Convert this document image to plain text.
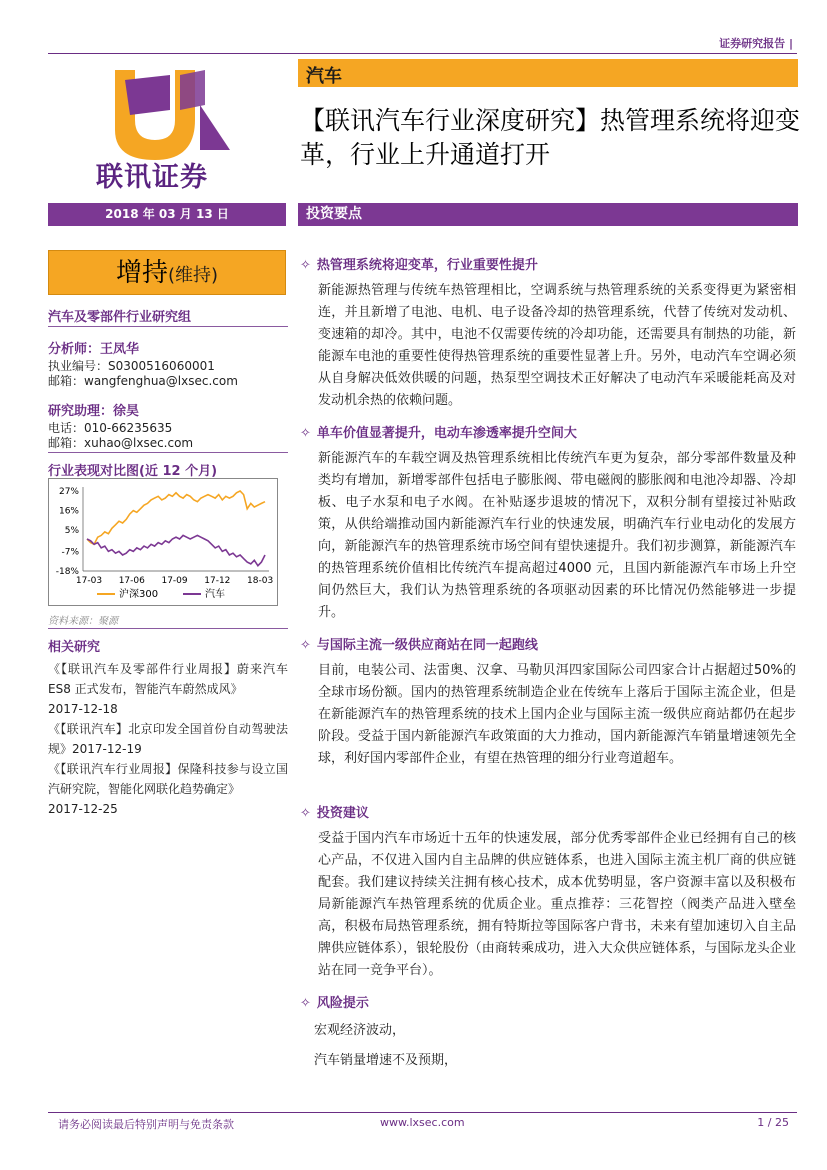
证券研究报告 |
联讯证券
汽车
【联讯汽车行业深度研究】热管理系统将迎变革，行业上升通道打开
2018 年 03 月 13 日	投资要点
增持(维持)
汽车及零部件行业研究组
分析师：王凤华
执业编号：S0300516060001
邮箱：wangfenghua@lxsec.com
研究助理：徐昊
电话：010-66235635
邮箱：xuhao@lxsec.com
行业表现对比图(近 12 个月)
27%
16%
5%
-7%
-18%
17-03 17-06 17-09 17-12 18-03
沪深300	汽车
资料来源：聚源
相关研究
《【联讯汽车及零部件行业周报】蔚来汽车ES8 正式发布，智能汽车蔚然成风》
2017-12-18
《【联讯汽车】北京印发全国首份自动驾驶法规》2017-12-19
《【联讯汽车行业周报】保隆科技参与设立国汽研究院，智能化网联化趋势确定》
2017-12-25
✧ 热管理系统将迎变革，行业重要性提升
新能源热管理与传统车热管理相比，空调系统与热管理系统的关系变得更为紧密相连，并且新增了电池、电机、电子设备冷却的热管理系统，代替了传统对发动机、变速箱的却冷。其中，电池不仅需要传统的冷却功能，还需要具有制热的功能，新能源车电池的重要性使得热管理系统的重要性显著上升。另外，电动汽车空调必须从自身解决低效供暖的问题，热泵型空调技术正好解决了电动汽车采暖能耗高及对发动机余热的依赖问题。
✧ 单车价值显著提升，电动车渗透率提升空间大
新能源汽车的车载空调及热管理系统相比传统汽车更为复杂，部分零部件数量及种类均有增加，新增零部件包括电子膨胀阀、带电磁阀的膨胀阀和电池冷却器、冷却板、电子水泵和电子水阀。在补贴逐步退坡的情况下，双积分制有望接过补贴政策，从供给端推动国内新能源汽车行业的快速发展，明确汽车行业电动化的发展方向，新能源汽车的热管理系统市场空间有望快速提升。我们初步测算，新能源汽车的热管理系统价值相比传统汽车提高超过4000 元，且国内新能源汽车市场上升空间仍然巨大，我们认为热管理系统的各项驱动因素的环比情况仍然能够进一步提升。
✧ 与国际主流一级供应商站在同一起跑线
目前，电装公司、法雷奥、汉拿、马勒贝洱四家国际公司四家合计占据超过50%的全球市场份额。国内的热管理系统制造企业在传统车上落后于国际主流企业，但是在新能源汽车的热管理系统的技术上国内企业与国际主流一级供应商站都仍在起步阶段。受益于国内新能源汽车政策面的大力推动，国内新能源汽车销量增速领先全球，利好国内零部件企业，有望在热管理的细分行业弯道超车。
✧ 投资建议
受益于国内汽车市场近十五年的快速发展，部分优秀零部件企业已经拥有自己的核心产品，不仅进入国内自主品牌的供应链体系，也进入国际主流主机厂商的供应链配套。我们建议持续关注拥有核心技术，成本优势明显，客户资源丰富以及积极布局新能源汽车热管理系统的优质企业。重点推荐：三花智控（阀类产品进入壁垒高，积极布局热管理系统，拥有特斯拉等国际客户背书，未来有望加速切入自主品牌供应链体系），银轮股份（由商转乘成功，进入大众供应链体系，与国际龙头企业站在同一竞争平台）。
✧ 风险提示
宏观经济波动，
汽车销量增速不及预期，
请务必阅读最后特别声明与免责条款	www.lxsec.com	1 / 25
